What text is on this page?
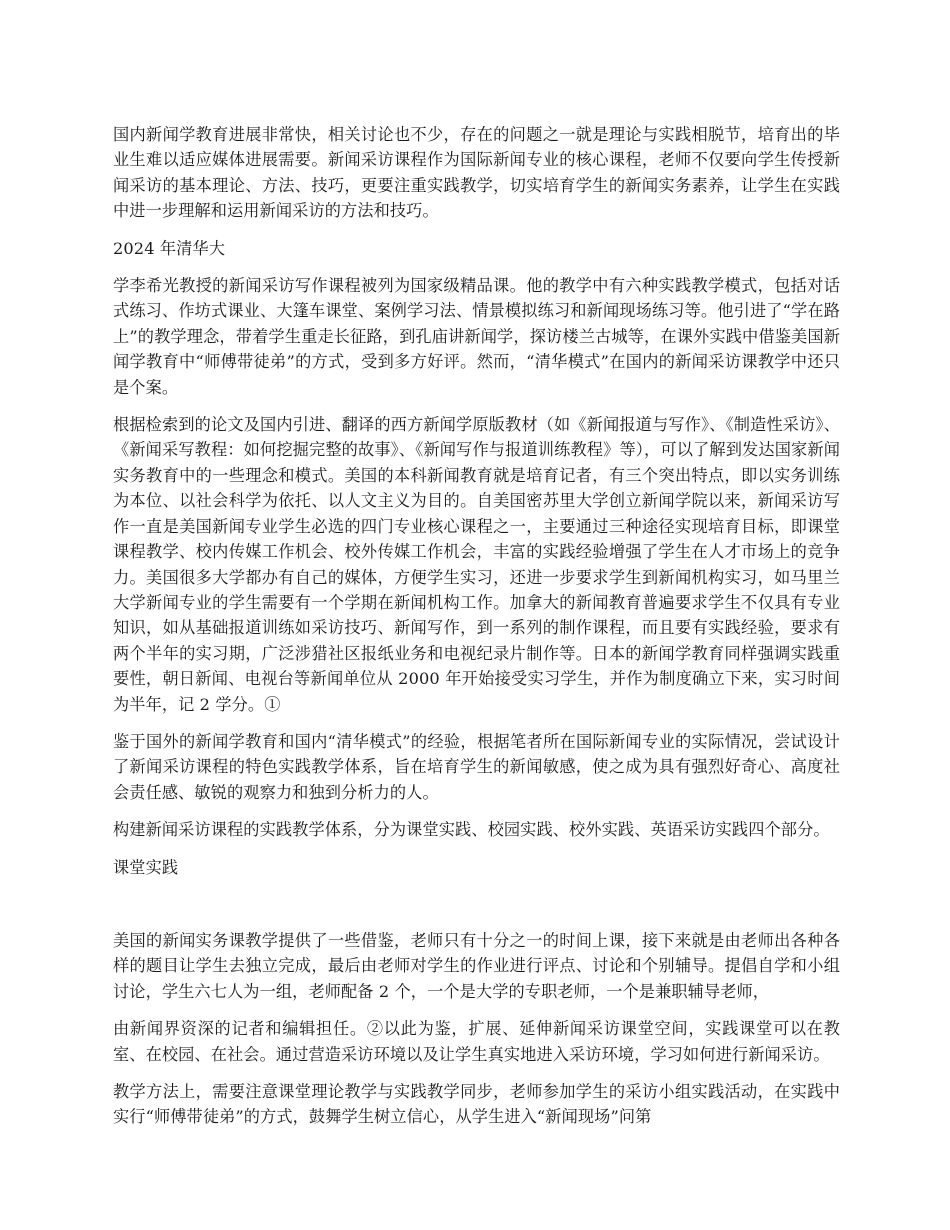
国内新闻学教育进展非常快，相关讨论也不少，存在的问题之一就是理论与实践相脱节，培育出的毕业生难以适应媒体进展需要。新闻采访课程作为国际新闻专业的核心课程，老师不仅要向学生传授新闻采访的基本理论、方法、技巧，更要注重实践教学，切实培育学生的新闻实务素养，让学生在实践中进一步理解和运用新闻采访的方法和技巧。

2024 年清华大

学李希光教授的新闻采访写作课程被列为国家级精品课。他的教学中有六种实践教学模式，包括对话式练习、作坊式课业、大篷车课堂、案例学习法、情景模拟练习和新闻现场练习等。他引进了“学在路上”的教学理念，带着学生重走长征路，到孔庙讲新闻学，探访楼兰古城等，在课外实践中借鉴美国新闻学教育中“师傅带徒弟”的方式，受到多方好评。然而，“清华模式”在国内的新闻采访课教学中还只是个案。

根据检索到的论文及国内引进、翻译的西方新闻学原版教材（如《新闻报道与写作》、《制造性采访》、《新闻采写教程：如何挖掘完整的故事》、《新闻写作与报道训练教程》等），可以了解到发达国家新闻实务教育中的一些理念和模式。美国的本科新闻教育就是培育记者，有三个突出特点，即以实务训练为本位、以社会科学为依托、以人文主义为目的。自美国密苏里大学创立新闻学院以来，新闻采访写作一直是美国新闻专业学生必选的四门专业核心课程之一，主要通过三种途径实现培育目标，即课堂课程教学、校内传媒工作机会、校外传媒工作机会，丰富的实践经验增强了学生在人才市场上的竞争力。美国很多大学都办有自己的媒体，方便学生实习，还进一步要求学生到新闻机构实习，如马里兰大学新闻专业的学生需要有一个学期在新闻机构工作。加拿大的新闻教育普遍要求学生不仅具有专业知识，如从基础报道训练如采访技巧、新闻写作，到一系列的制作课程，而且要有实践经验，要求有两个半年的实习期，广泛涉猎社区报纸业务和电视纪录片制作等。日本的新闻学教育同样强调实践重要性，朝日新闻、电视台等新闻单位从 2000 年开始接受实习学生，并作为制度确立下来，实习时间为半年，记 2 学分。①

鉴于国外的新闻学教育和国内“清华模式”的经验，根据笔者所在国际新闻专业的实际情况，尝试设计了新闻采访课程的特色实践教学体系，旨在培育学生的新闻敏感，使之成为具有强烈好奇心、高度社会责任感、敏锐的观察力和独到分析力的人。

构建新闻采访课程的实践教学体系，分为课堂实践、校园实践、校外实践、英语采访实践四个部分。

课堂实践

美国的新闻实务课教学提供了一些借鉴，老师只有十分之一的时间上课，接下来就是由老师出各种各样的题目让学生去独立完成，最后由老师对学生的作业进行评点、讨论和个别辅导。提倡自学和小组讨论，学生六七人为一组，老师配备 2 个，一个是大学的专职老师，一个是兼职辅导老师，

由新闻界资深的记者和编辑担任。②以此为鉴，扩展、延伸新闻采访课堂空间，实践课堂可以在教室、在校园、在社会。通过营造采访环境以及让学生真实地进入采访环境，学习如何进行新闻采访。

教学方法上，需要注意课堂理论教学与实践教学同步，老师参加学生的采访小组实践活动，在实践中实行“师傅带徒弟”的方式，鼓舞学生树立信心，从学生进入“新闻现场”问第
